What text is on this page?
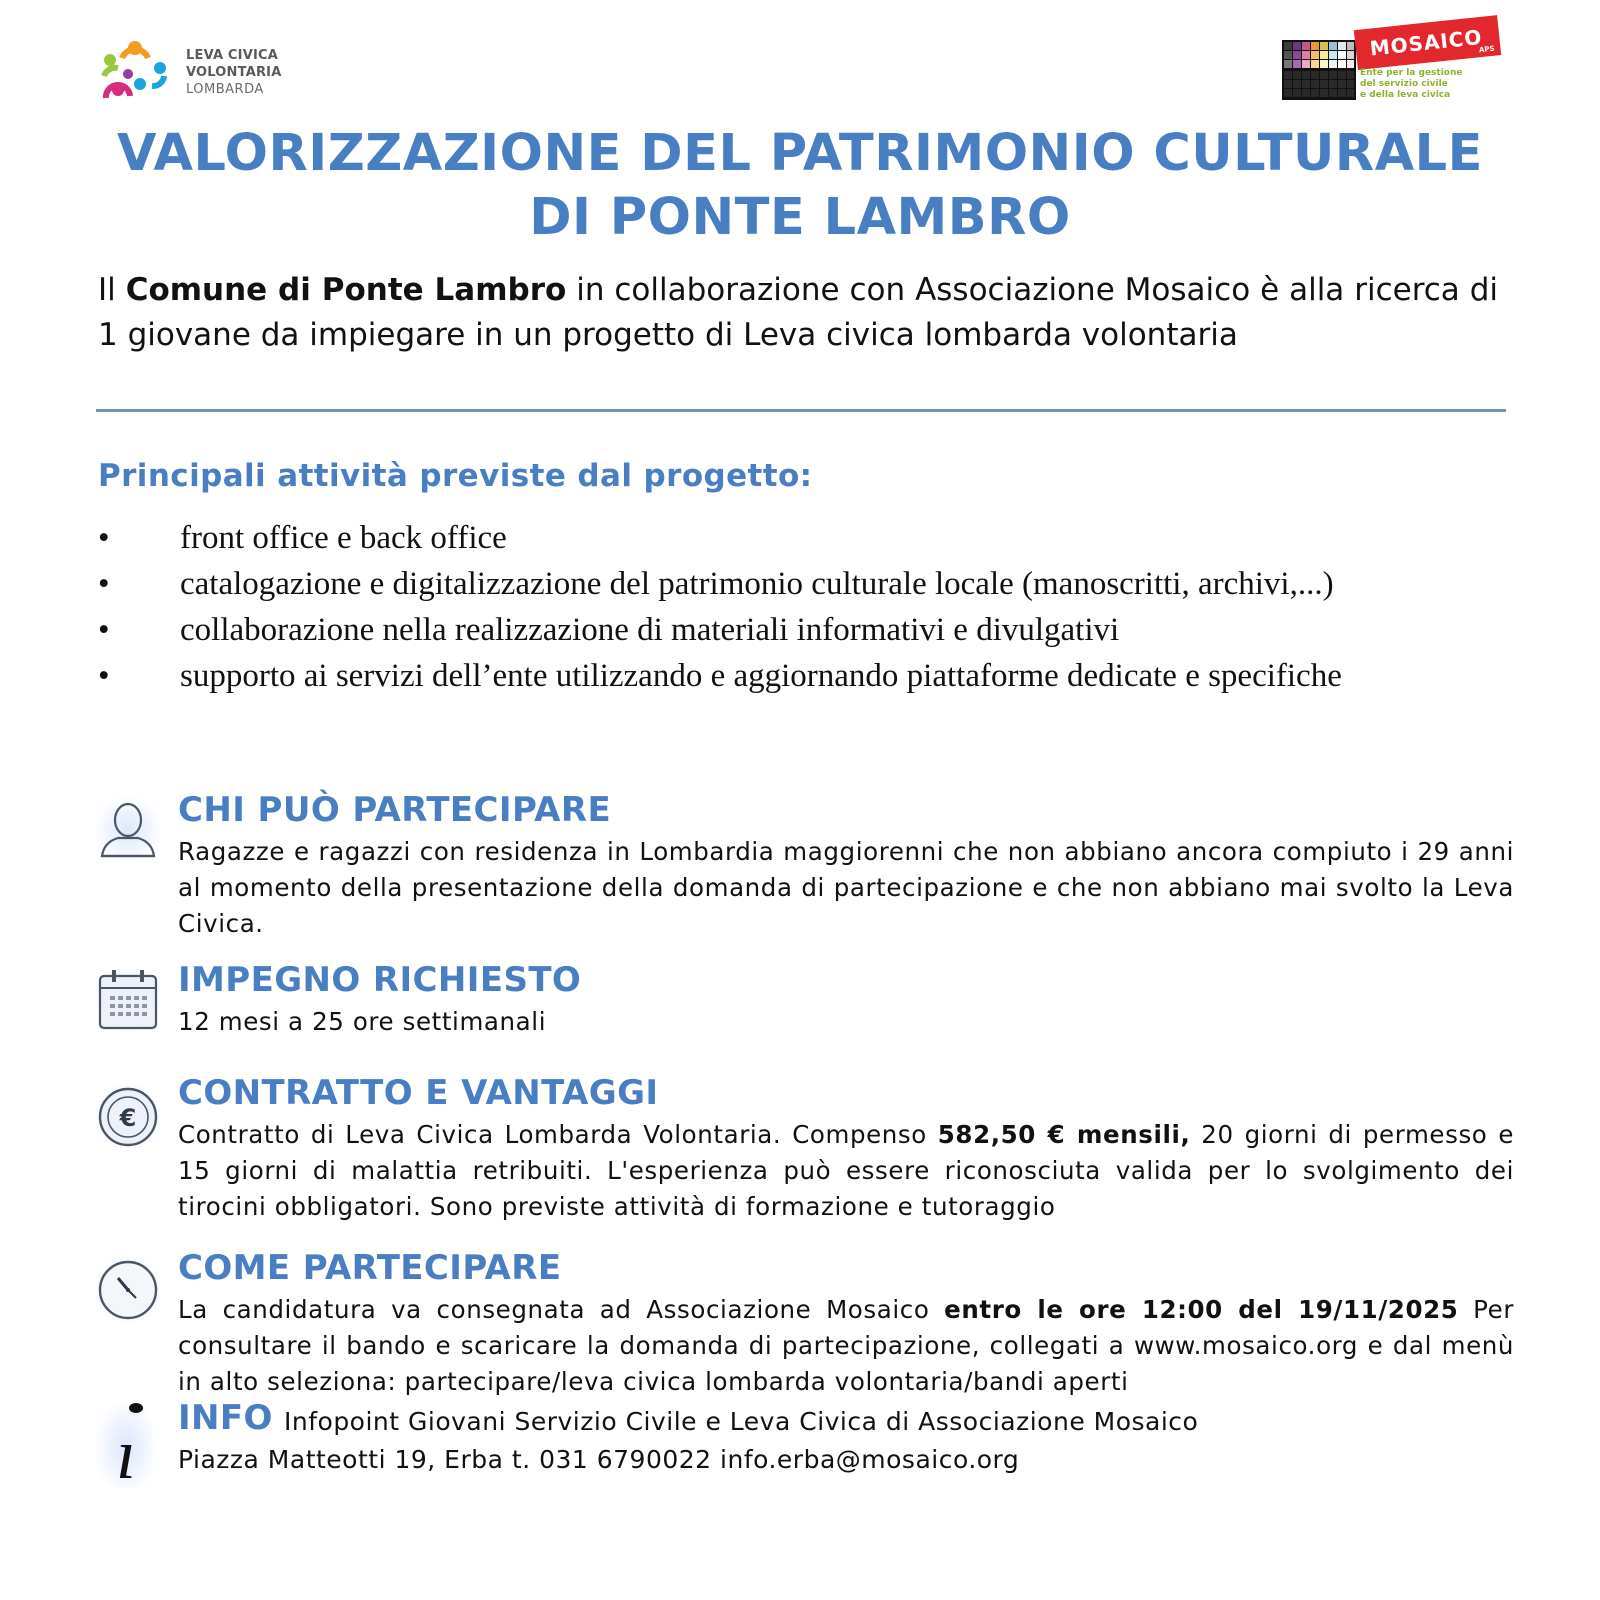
LEVA CIVICA
VOLONTARIA
LOMBARDA
MOSAICO
APS
Ente per la gestione
del servizio civile
e della leva civica
VALORIZZAZIONE DEL PATRIMONIO CULTURALE
DI PONTE LAMBRO
Il Comune di Ponte Lambro in collaborazione con Associazione Mosaico è alla ricerca di 1 giovane da impiegare in un progetto di Leva civica lombarda volontaria
Principali attività previste dal progetto:
• front office e back office
• catalogazione e digitalizzazione del patrimonio culturale locale (manoscritti, archivi,...)
• collaborazione nella realizzazione di materiali informativi e divulgativi
• supporto ai servizi dell’ente utilizzando e aggiornando piattaforme dedicate e specifiche
CHI PUÒ PARTECIPARE
Ragazze e ragazzi con residenza in Lombardia maggiorenni che non abbiano ancora compiuto i 29 anni al momento della presentazione della domanda di partecipazione e che non abbiano mai svolto la Leva Civica.
IMPEGNO RICHIESTO
12 mesi a 25 ore settimanali
€
CONTRATTO E VANTAGGI
Contratto di Leva Civica Lombarda Volontaria. Compenso 582,50 € mensili, 20 giorni di permesso e 15 giorni di malattia retribuiti. L'esperienza può essere riconosciuta valida per lo svolgimento dei tirocini obbligatori. Sono previste attività di formazione e tutoraggio
COME PARTECIPARE
La candidatura va consegnata ad Associazione Mosaico entro le ore 12:00 del 19/11/2025 Per consultare il bando e scaricare la domanda di partecipazione, collegati a www.mosaico.org e dal menù in alto seleziona: partecipare/leva civica lombarda volontaria/bandi aperti
ı INFO Infopoint Giovani Servizio Civile e Leva Civica di Associazione Mosaico
Piazza Matteotti 19, Erba t. 031 6790022 info.erba@mosaico.org
